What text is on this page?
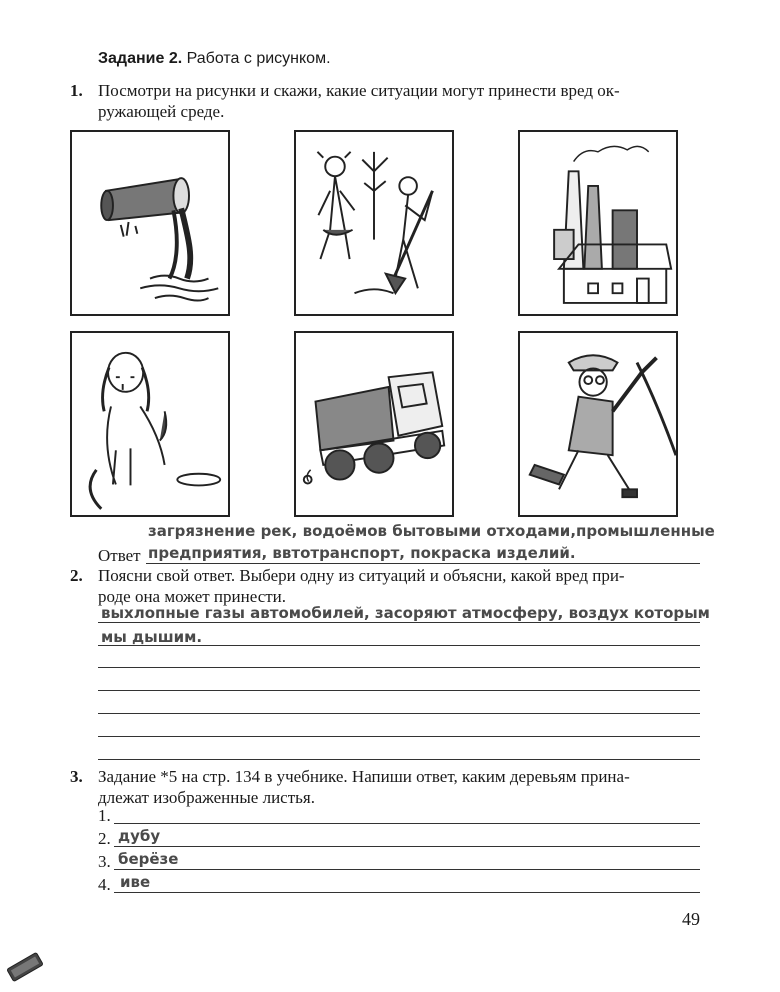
Задание 2. Работа с рисунком.
1. Посмотри на рисунки и скажи, какие ситуации могут принести вред ок-
ружающей среде.
загрязнение рек, водоёмов бытовыми отходами,промышленные
Ответ предприятия, ввтотранспорт, покраска изделий.
2. Поясни свой ответ. Выбери одну из ситуаций и объясни, какой вред при-
роде она может принести.
выхлопные газы автомобилей, засоряют атмосферу, воздух которым
мы дышим.
3. Задание *5 на стр. 134 в учебнике. Напиши ответ, каким деревьям прина-
длежат изображенные листья.
1.
2. дубу
3. берёзе
4. иве
49
